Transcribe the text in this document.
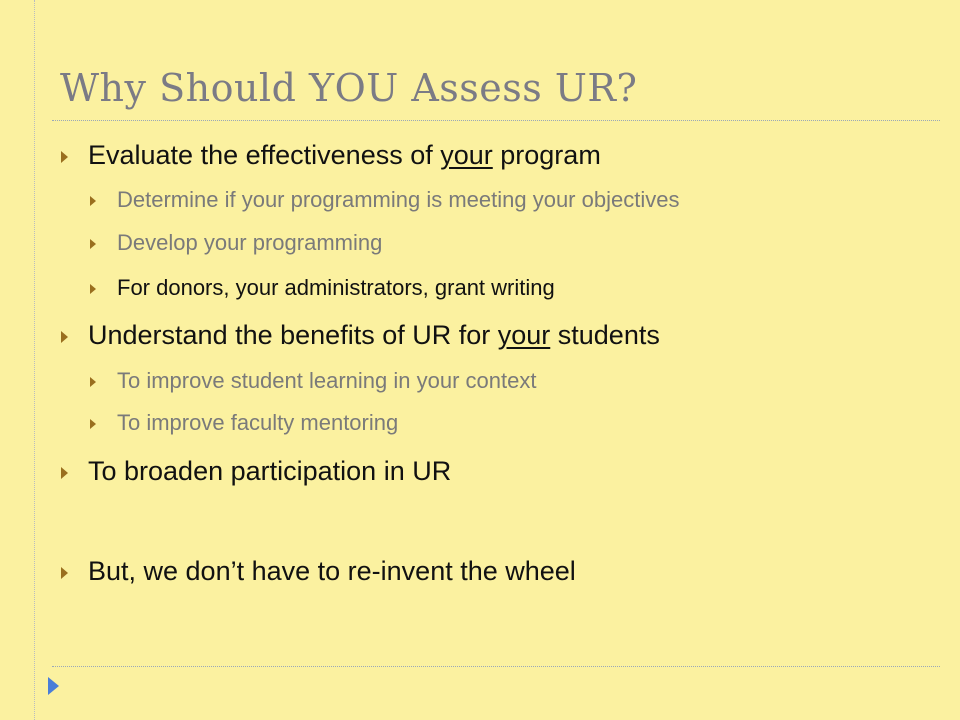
Why Should YOU Assess UR?
Evaluate the effectiveness of your program
Determine if your programming is meeting your objectives
Develop your programming
For donors, your administrators, grant writing
Understand the benefits of UR for your students
To improve student learning in your context
To improve faculty mentoring
To broaden participation in UR
But, we don’t have to re-invent the wheel
